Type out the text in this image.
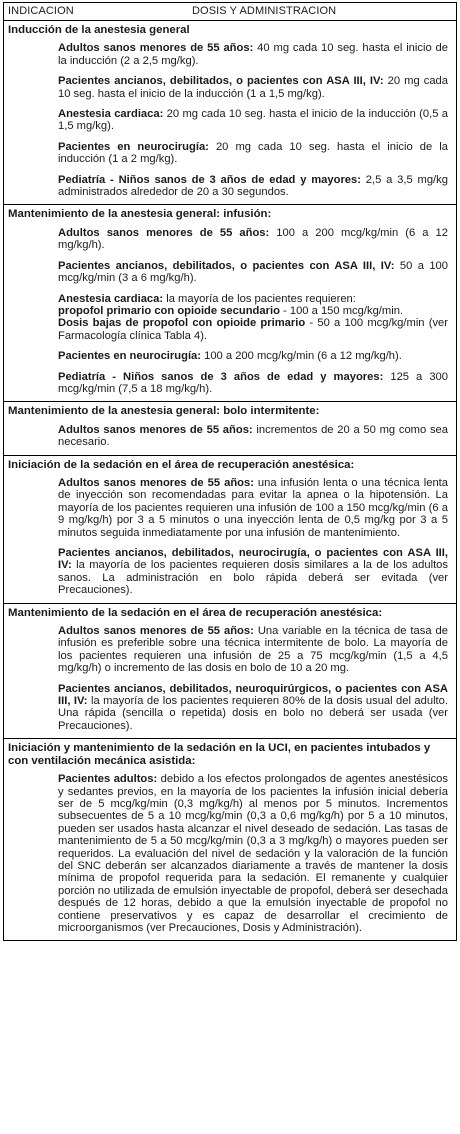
INDICACION	DOSIS Y ADMINISTRACION
Inducción de la anestesia general
Adultos sanos menores de 55 años: 40 mg cada 10 seg. hasta el inicio de la inducción (2 a 2,5 mg/kg).
Pacientes ancianos, debilitados, o pacientes con ASA III, IV: 20 mg cada 10 seg. hasta el inicio de la inducción (1 a 1,5 mg/kg).
Anestesia cardiaca: 20 mg cada 10 seg. hasta el inicio de la inducción (0,5 a 1,5 mg/kg).
Pacientes en neurocirugía: 20 mg cada 10 seg. hasta el inicio de la inducción (1 a 2 mg/kg).
Pediatría - Niños sanos de 3 años de edad y mayores: 2,5 a 3,5 mg/kg administrados alrededor de 20 a 30 segundos.
Mantenimiento de la anestesia general: infusión:
Adultos sanos menores de 55 años: 100 a 200 mcg/kg/min (6 a 12 mg/kg/h).
Pacientes ancianos, debilitados, o pacientes con ASA III, IV: 50 a 100 mcg/kg/min (3 a 6 mg/kg/h).
Anestesia cardiaca: la mayoría de los pacientes requieren:
propofol primario con opioide secundario - 100 a 150 mcg/kg/min.
Dosis bajas de propofol con opioide primario - 50 a 100 mcg/kg/min (ver Farmacología clínica Tabla 4).
Pacientes en neurocirugía: 100 a 200 mcg/kg/min (6 a 12 mg/kg/h).
Pediatría - Niños sanos de 3 años de edad y mayores: 125 a 300 mcg/kg/min (7,5 a 18 mg/kg/h).
Mantenimiento de la anestesia general: bolo intermitente:
Adultos sanos menores de 55 años: incrementos de 20 a 50 mg como sea necesario.
Iniciación de la sedación en el área de recuperación anestésica:
Adultos sanos menores de 55 años: una infusión lenta o una técnica lenta de inyección son recomendadas para evitar la apnea o la hipotensión. La mayoría de los pacientes requieren una infusión de 100 a 150 mcg/kg/min (6 a 9 mg/kg/h) por 3 a 5 minutos o una inyección lenta de 0,5 mg/kg por 3 a 5 minutos seguida inmediatamente por una infusión de mantenimiento.
Pacientes ancianos, debilitados, neurocirugía, o pacientes con ASA III, IV: la mayoría de los pacientes requieren dosis similares a la de los adultos sanos. La administración en bolo rápida deberá ser evitada (ver Precauciones).
Mantenimiento de la sedación en el área de recuperación anestésica:
Adultos sanos menores de 55 años: Una variable en la técnica de tasa de infusión es preferible sobre una técnica intermitente de bolo. La mayoría de los pacientes requieren una infusión de 25 a 75 mcg/kg/min (1,5 a 4,5 mg/kg/h) o incremento de las dosis en bolo de 10 a 20 mg.
Pacientes ancianos, debilitados, neuroquirúrgicos, o pacientes con ASA III, IV: la mayoría de los pacientes requieren 80% de la dosis usual del adulto. Una rápida (sencilla o repetida) dosis en bolo no deberá ser usada (ver Precauciones).
Iniciación y mantenimiento de la sedación en la UCI, en pacientes intubados y con ventilación mecánica asistida:
Pacientes adultos: debido a los efectos prolongados de agentes anestésicos y sedantes previos, en la mayoría de los pacientes la infusión inicial debería ser de 5 mcg/kg/min (0,3 mg/kg/h) al menos por 5 minutos. Incrementos subsecuentes de 5 a 10 mcg/kg/min (0,3 a 0,6 mg/kg/h) por 5 a 10 minutos, pueden ser usados hasta alcanzar el nivel deseado de sedación. Las tasas de mantenimiento de 5 a 50 mcg/kg/min (0,3 a 3 mg/kg/h) o mayores pueden ser requeridos. La evaluación del nivel de sedación y la valoración de la función del SNC deberán ser alcanzados diariamente a través de mantener la dosis mínima de propofol requerida para la sedación. El remanente y cualquier porción no utilizada de emulsión inyectable de propofol, deberá ser desechada después de 12 horas, debido a que la emulsión inyectable de propofol no contiene preservativos y es capaz de desarrollar el crecimiento de microorganismos (ver Precauciones, Dosis y Administración).
